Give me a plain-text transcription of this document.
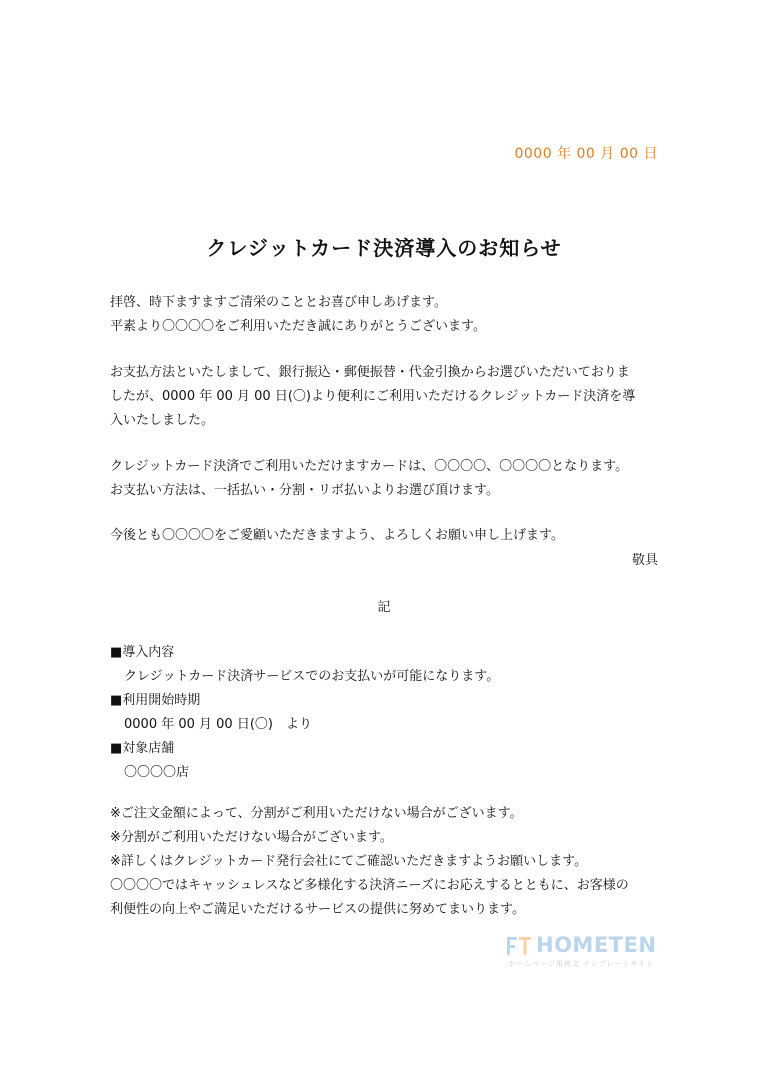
0000 年 00 月 00 日
クレジットカード決済導入のお知らせ

拝啓、時下ますますご清栄のこととお喜び申しあげます。

平素より〇〇〇〇をご利用いただき誠にありがとうございます。

お支払方法といたしまして、銀行振込・郵便振替・代金引換からお選びいただいておりま

したが、0000 年 00 月 00 日(〇)より便利にご利用いただけるクレジットカード決済を導

入いたしました。

クレジットカード決済でご利用いただけますカードは、〇〇〇〇、〇〇〇〇となります。

お支払い方法は、一括払い・分割・リボ払いよりお選び頂けます。

今後とも〇〇〇〇をご愛顧いただきますよう、よろしくお願い申し上げます。

敬具
記

■導入内容

クレジットカード決済サービスでのお支払いが可能になります。

■利用開始時期

0000 年 00 月 00 日(〇)　より

■対象店舗

〇〇〇〇店

※ご注文金額によって、分割がご利用いただけない場合がございます。

※分割がご利用いただけない場合がございます。

※詳しくはクレジットカード発行会社にてご確認いただきますようお願いします。

〇〇〇〇ではキャッシュレスなど多様化する決済ニーズにお応えするとともに、お客様の

利便性の向上やご満足いただけるサービスの提供に努めてまいります。

HOMETEN
ホームページ用例文 テンプレートサイト
